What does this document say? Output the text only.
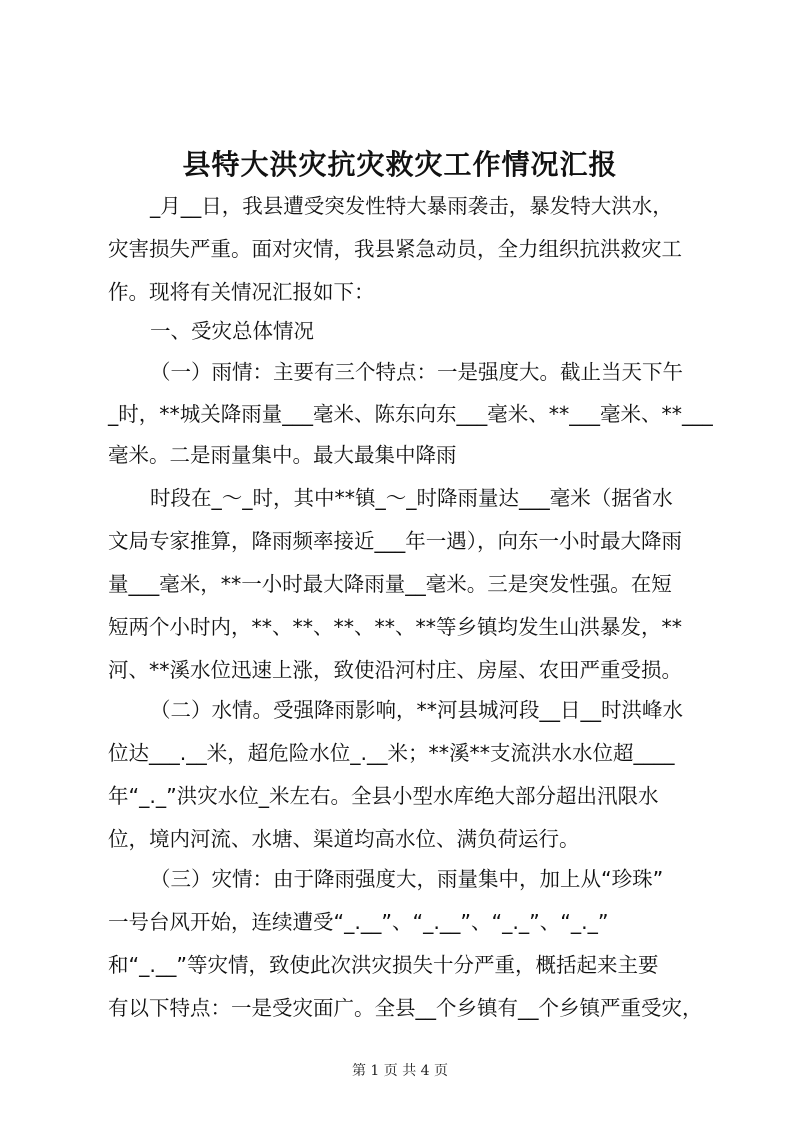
县特大洪灾抗灾救灾工作情况汇报

_月__日，我县遭受突发性特大暴雨袭击，暴发特大洪水，

灾害损失严重。面对灾情，我县紧急动员，全力组织抗洪救灾工

作。现将有关情况汇报如下：

一、受灾总体情况

（一）雨情：主要有三个特点：一是强度大。截止当天下午

_时，**城关降雨量___毫米、陈东向东___毫米、**___毫米、**___

毫米。二是雨量集中。最大最集中降雨

时段在_～_时，其中**镇_～_时降雨量达___毫米（据省水

文局专家推算，降雨频率接近___年一遇），向东一小时最大降雨

量___毫米，**一小时最大降雨量__毫米。三是突发性强。在短

短两个小时内，**、**、**、**、**等乡镇均发生山洪暴发，**

河、**溪水位迅速上涨，致使沿河村庄、房屋、农田严重受损。

（二）水情。受强降雨影响，**河县城河段__日__时洪峰水

位达___.__米，超危险水位_.__米；**溪**支流洪水水位超____

年“_._”洪灾水位_米左右。全县小型水库绝大部分超出汛限水

位，境内河流、水塘、渠道均高水位、满负荷运行。

（三）灾情：由于降雨强度大，雨量集中，加上从“珍珠”

一号台风开始，连续遭受“_.__”、“_.__”、“_._”、“_._”

和“_.__”等灾情，致使此次洪灾损失十分严重，概括起来主要

有以下特点：一是受灾面广。全县__个乡镇有__个乡镇严重受灾，

第 1 页 共 4 页
